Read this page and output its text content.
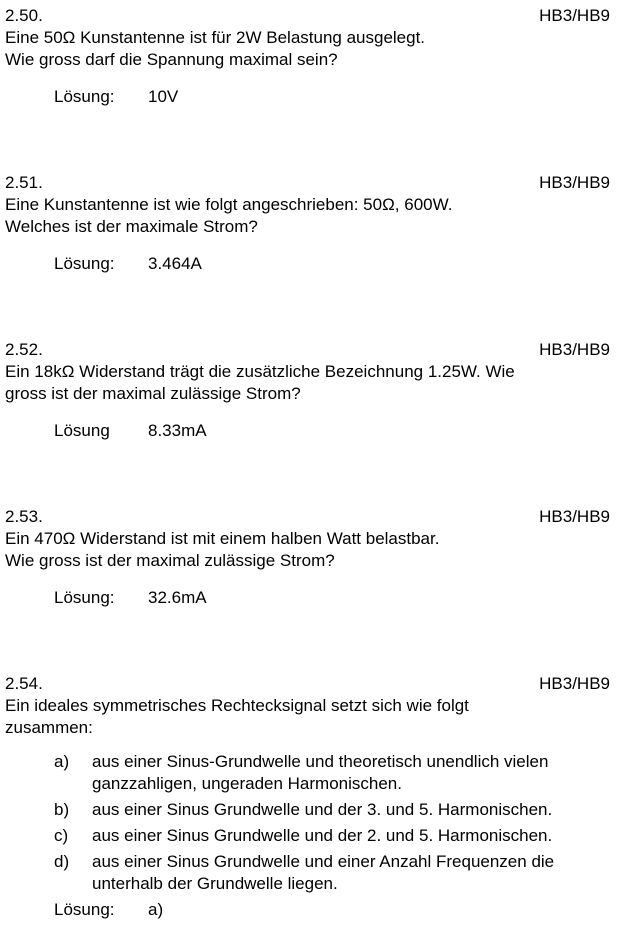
2.50.	HB3/HB9
Eine 50Ω Kunstantenne ist für 2W Belastung ausgelegt.
Wie gross darf die Spannung maximal sein?
Lösung:	10V
2.51.	HB3/HB9
Eine Kunstantenne ist wie folgt angeschrieben: 50Ω, 600W.
Welches ist der maximale Strom?
Lösung:	3.464A
2.52.	HB3/HB9
Ein 18kΩ Widerstand trägt die zusätzliche Bezeichnung 1.25W. Wie
gross ist der maximal zulässige Strom?
Lösung	8.33mA
2.53.	HB3/HB9
Ein 470Ω Widerstand ist mit einem halben Watt belastbar.
Wie gross ist der maximal zulässige Strom?
Lösung:	32.6mA
2.54.	HB3/HB9
Ein ideales symmetrisches Rechtecksignal setzt sich wie folgt
zusammen:
a)	aus einer Sinus-Grundwelle und theoretisch unendlich vielen ganzzahligen, ungeraden Harmonischen.
b)	aus einer Sinus Grundwelle und der 3. und 5. Harmonischen.
c)	aus einer Sinus Grundwelle und der 2. und 5. Harmonischen.
d)	aus einer Sinus Grundwelle und einer Anzahl Frequenzen die unterhalb der Grundwelle liegen.
Lösung:	a)
